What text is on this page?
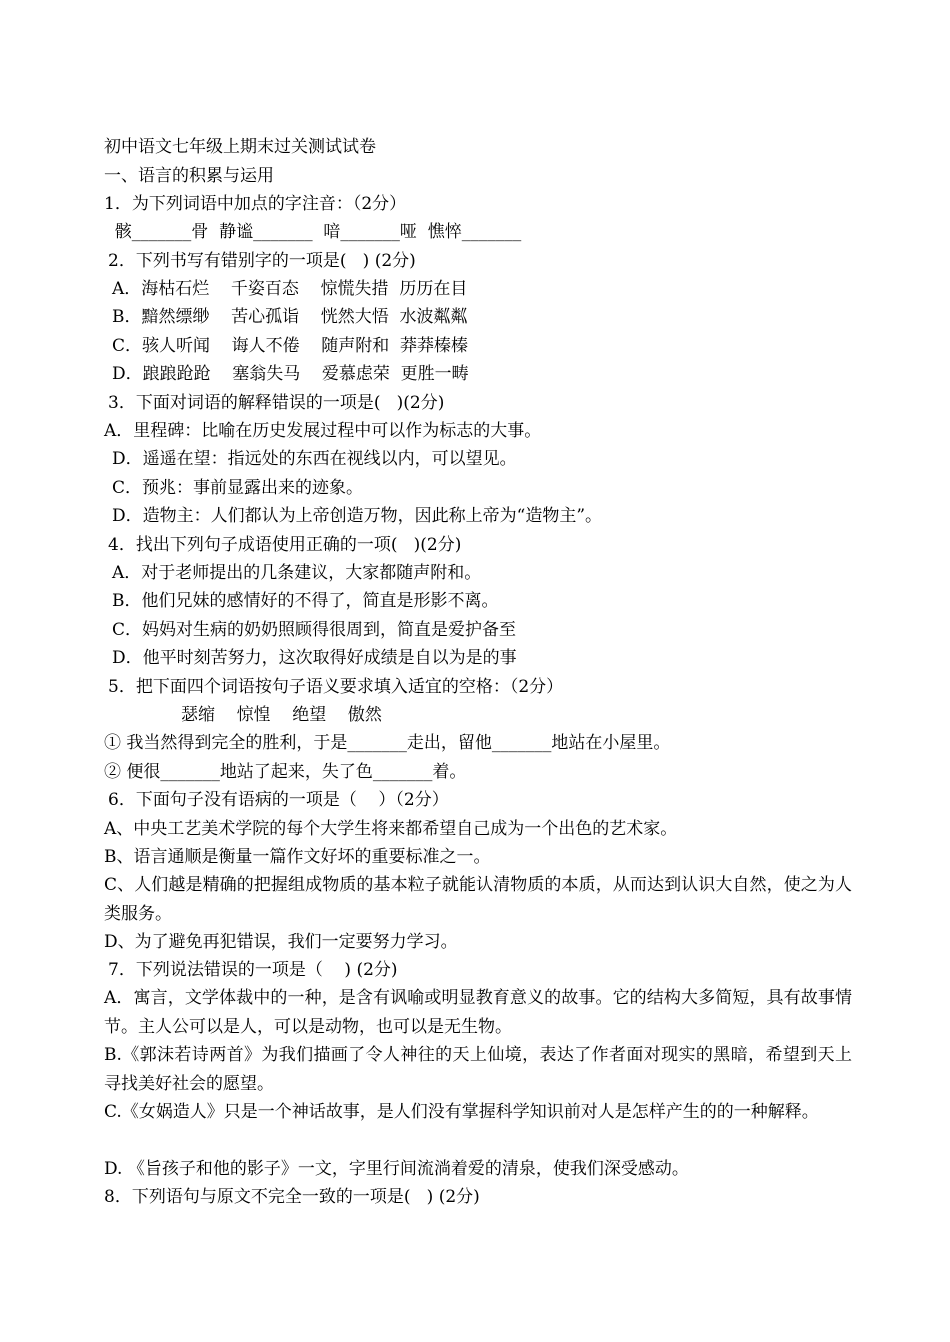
初中语文七年级上期末过关测试试卷
一、语言的积累与运用
1．为下列词语中加点的字注音：（2分）
骸_______骨  静谧_______  喑_______哑  憔悴_______
2．下列书写有错别字的一项是(   ) (2分)
A．海枯石烂    千姿百态    惊慌失措  历历在目
B．黯然缥缈    苦心孤诣    恍然大悟  水波粼粼
C．骇人听闻    诲人不倦    随声附和  莽莽榛榛
D．踉踉跄跄    塞翁失马    爱慕虑荣  更胜一畴
3．下面对词语的解释错误的一项是(   )(2分)
A．里程碑：比喻在历史发展过程中可以作为标志的大事。
D．遥遥在望：指远处的东西在视线以内，可以望见。
C．预兆：事前显露出来的迹象。
D．造物主：人们都认为上帝创造万物，因此称上帝为“造物主”。
4．找出下列句子成语使用正确的一项(   )(2分)
A．对于老师提出的几条建议，大家都随声附和。
B．他们兄妹的感情好的不得了，简直是形影不离。
C．妈妈对生病的奶奶照顾得很周到，简直是爱护备至
D．他平时刻苦努力，这次取得好成绩是自以为是的事
5．把下面四个词语按句子语义要求填入适宜的空格：（2分）
瑟缩    惊惶    绝望    傲然
① 我当然得到完全的胜利，于是_______走出，留他_______地站在小屋里。
② 便很_______地站了起来，失了色_______着。
6．下面句子没有语病的一项是（    ）（2分）
A、中央工艺美术学院的每个大学生将来都希望自己成为一个出色的艺术家。
B、语言通顺是衡量一篇作文好坏的重要标准之一。
C、人们越是精确的把握组成物质的基本粒子就能认清物质的本质，从而达到认识大自然，使之为人类服务。
D、为了避免再犯错误，我们一定要努力学习。
7．下列说法错误的一项是（    ) (2分)
A．寓言，文学体裁中的一种，是含有讽喻或明显教育意义的故事。它的结构大多简短，具有故事情节。主人公可以是人，可以是动物，也可以是无生物。
B.《郭沫若诗两首》为我们描画了令人神往的天上仙境，表达了作者面对现实的黑暗，希望到天上寻找美好社会的愿望。
C.《女娲造人》只是一个神话故事，是人们没有掌握科学知识前对人是怎样产生的的一种解释。
D. 《旨孩子和他的影子》一文，字里行间流淌着爱的清泉，使我们深受感动。
8．下列语句与原文不完全一致的一项是(   ) (2分)
